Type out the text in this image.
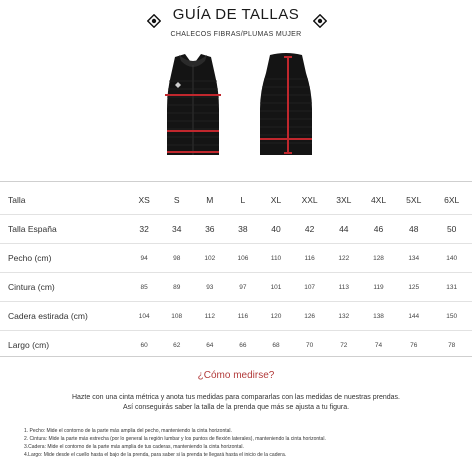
GUÍA DE TALLAS
CHALECOS FIBRAS/PLUMAS MUJER
Talla	XS	S	M	L	XL	XXL	3XL	4XL	5XL	6XL
Talla España	32	34	36	38	40	42	44	46	48	50
Pecho (cm)	94	98	102	106	110	116	122	128	134	140
Cintura (cm)	85	89	93	97	101	107	113	119	125	131
Cadera estirada (cm)	104	108	112	116	120	126	132	138	144	150
Largo (cm)	60	62	64	66	68	70	72	74	76	78
¿Cómo medirse?
Hazte con una cinta métrica y anota tus medidas para compararlas con las medidas de nuestras prendas.
Así conseguirás saber la talla de la prenda que más se ajusta a tu figura.
1. Pecho: Mide el contorno de la parte más amplia del pecho, manteniendo la cinta horizontal.
2. Cintura: Mide la parte más estrecha (por lo general la región lumbar y los puntos de flexión laterales), manteniendo la cinta horizontal.
3.Cadera: Mide el contorno de la parte más amplia de tus caderas, manteniendo la cinta horizontal.
4.Largo: Mide desde el cuello hasta el bajo de la prenda, para saber si la prenda te llegará hasta el inicio de la cadera.
